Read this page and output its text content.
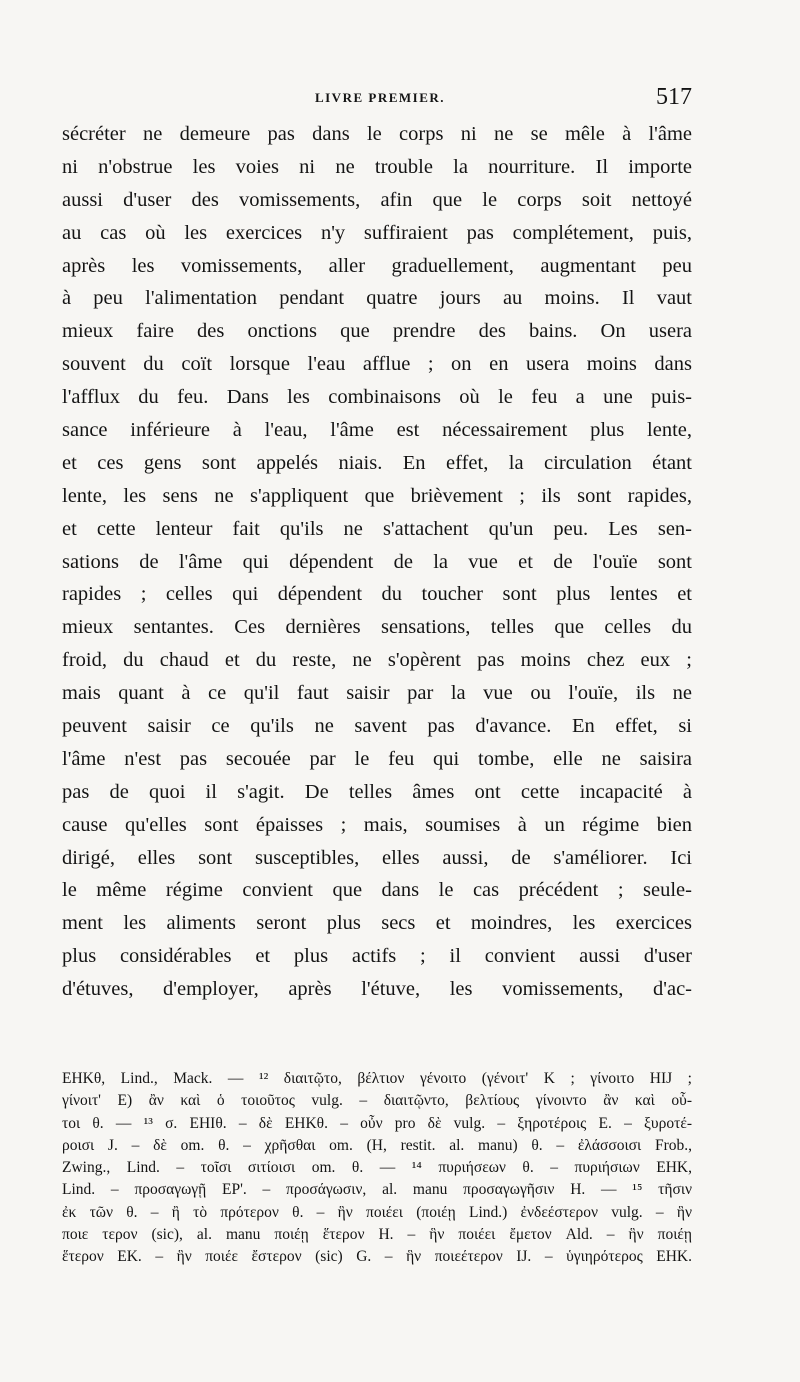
LIVRE PREMIER.	517
sécréter ne demeure pas dans le corps ni ne se mêle à l'âme
ni n'obstrue les voies ni ne trouble la nourriture. Il importe
aussi d'user des vomissements, afin que le corps soit nettoyé
au cas où les exercices n'y suffiraient pas complétement, puis,
après les vomissements, aller graduellement, augmentant peu
à peu l'alimentation pendant quatre jours au moins. Il vaut
mieux faire des onctions que prendre des bains. On usera
souvent du coït lorsque l'eau afflue ; on en usera moins dans
l'afflux du feu. Dans les combinaisons où le feu a une puis-
sance inférieure à l'eau, l'âme est nécessairement plus lente,
et ces gens sont appelés niais. En effet, la circulation étant
lente, les sens ne s'appliquent que brièvement ; ils sont rapides,
et cette lenteur fait qu'ils ne s'attachent qu'un peu. Les sen-
sations de l'âme qui dépendent de la vue et de l'ouïe sont
rapides ; celles qui dépendent du toucher sont plus lentes et
mieux sentantes. Ces dernières sensations, telles que celles du
froid, du chaud et du reste, ne s'opèrent pas moins chez eux ;
mais quant à ce qu'il faut saisir par la vue ou l'ouïe, ils ne
peuvent saisir ce qu'ils ne savent pas d'avance. En effet, si
l'âme n'est pas secouée par le feu qui tombe, elle ne saisira
pas de quoi il s'agit. De telles âmes ont cette incapacité à
cause qu'elles sont épaisses ; mais, soumises à un régime bien
dirigé, elles sont susceptibles, elles aussi, de s'améliorer. Ici
le même régime convient que dans le cas précédent ; seule-
ment les aliments seront plus secs et moindres, les exercices
plus considérables et plus actifs ; il convient aussi d'user
d'étuves, d'employer, après l'étuve, les vomissements, d'ac-
EHKθ, Lind., Mack. — ¹² διαιτῷτο, βέλτιον γένοιτο (γένοιτ' K ; γίνοιτο HIJ ;
γίνοιτ' E) ἂν καὶ ὁ τοιοῦτος vulg. – διαιτῷντο, βελτίους γίνοιντο ἂν καὶ οὗ-
τοι θ. — ¹³ σ. EHIθ. – δὲ EHKθ. – οὖν pro δὲ vulg. – ξηροτέροις E. – ξυροτέ-
ροισι J. – δὲ om. θ. – χρῆσθαι om. (H, restit. al. manu) θ. – ἐλάσσοισι Frob.,
Zwing., Lind. – τοῖσι σιτίοισι om. θ. — ¹⁴ πυριήσεων θ. – πυριήσιων EHK,
Lind. – προσαγωγῇ EP'. – προσάγωσιν, al. manu προσαγωγῆσιν H. — ¹⁵ τῆσιν
ἐκ τῶν θ. – ἢ τὸ πρότερον θ. – ἣν ποιέει (ποιέῃ Lind.) ἐνδεέστερον vulg. – ἣν
ποιε τερον (sic), al. manu ποιέῃ ἕτερον H. – ἣν ποιέει ἔμετον Ald. – ἣν ποιέῃ
ἕτερον EK. – ἣν ποιέε ἔστερον (sic) G. – ἣν ποιεέτερον IJ. – ὑγιηρότερος EHK.
